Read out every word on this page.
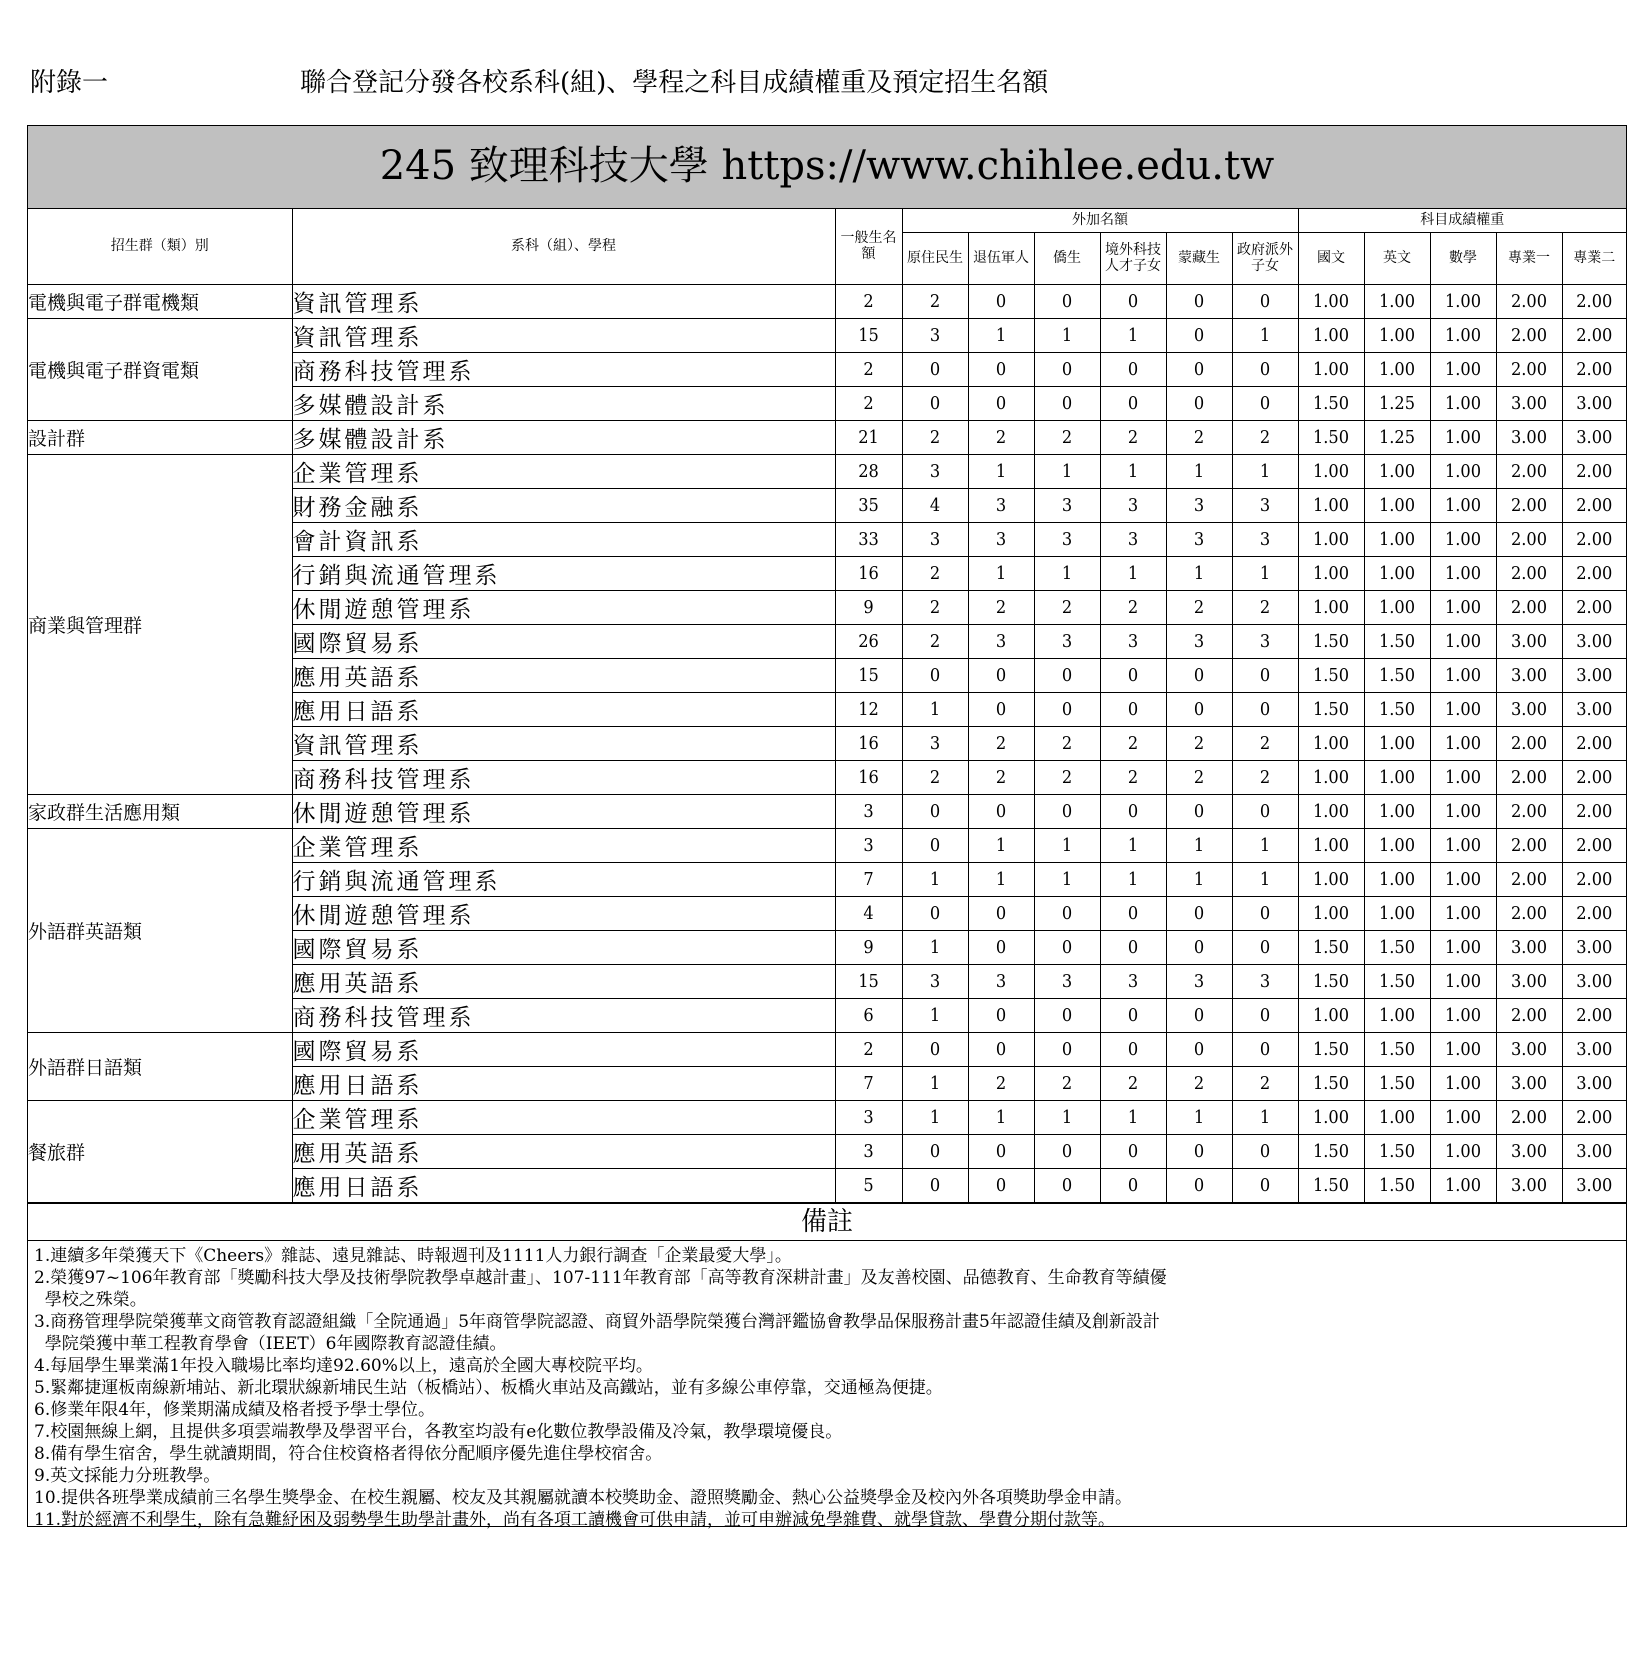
附錄一	聯合登記分發各校系科(組)、學程之科目成績權重及預定招生名額
245 致理科技大學 https://www.chihlee.edu.tw
招生群（類）別	系科（組）、學程	一般生名額	外加名額						科目成績權重				
			原住民生	退伍軍人	僑生	境外科技人才子女	蒙藏生	政府派外子女	國文	英文	數學	專業一	專業二
電機與電子群電機類	資訊管理系	2	2	0	0	0	0	0	1.00	1.00	1.00	2.00	2.00
電機與電子群資電類	資訊管理系	15	3	1	1	1	0	1	1.00	1.00	1.00	2.00	2.00
	商務科技管理系	2	0	0	0	0	0	0	1.00	1.00	1.00	2.00	2.00
	多媒體設計系	2	0	0	0	0	0	0	1.50	1.25	1.00	3.00	3.00
設計群	多媒體設計系	21	2	2	2	2	2	2	1.50	1.25	1.00	3.00	3.00
商業與管理群	企業管理系	28	3	1	1	1	1	1	1.00	1.00	1.00	2.00	2.00
	財務金融系	35	4	3	3	3	3	3	1.00	1.00	1.00	2.00	2.00
	會計資訊系	33	3	3	3	3	3	3	1.00	1.00	1.00	2.00	2.00
	行銷與流通管理系	16	2	1	1	1	1	1	1.00	1.00	1.00	2.00	2.00
	休閒遊憩管理系	9	2	2	2	2	2	2	1.00	1.00	1.00	2.00	2.00
	國際貿易系	26	2	3	3	3	3	3	1.50	1.50	1.00	3.00	3.00
	應用英語系	15	0	0	0	0	0	0	1.50	1.50	1.00	3.00	3.00
	應用日語系	12	1	0	0	0	0	0	1.50	1.50	1.00	3.00	3.00
	資訊管理系	16	3	2	2	2	2	2	1.00	1.00	1.00	2.00	2.00
	商務科技管理系	16	2	2	2	2	2	2	1.00	1.00	1.00	2.00	2.00
家政群生活應用類	休閒遊憩管理系	3	0	0	0	0	0	0	1.00	1.00	1.00	2.00	2.00
外語群英語類	企業管理系	3	0	1	1	1	1	1	1.00	1.00	1.00	2.00	2.00
	行銷與流通管理系	7	1	1	1	1	1	1	1.00	1.00	1.00	2.00	2.00
	休閒遊憩管理系	4	0	0	0	0	0	0	1.00	1.00	1.00	2.00	2.00
	國際貿易系	9	1	0	0	0	0	0	1.50	1.50	1.00	3.00	3.00
	應用英語系	15	3	3	3	3	3	3	1.50	1.50	1.00	3.00	3.00
	商務科技管理系	6	1	0	0	0	0	0	1.00	1.00	1.00	2.00	2.00
外語群日語類	國際貿易系	2	0	0	0	0	0	0	1.50	1.50	1.00	3.00	3.00
	應用日語系	7	1	2	2	2	2	2	1.50	1.50	1.00	3.00	3.00
餐旅群	企業管理系	3	1	1	1	1	1	1	1.00	1.00	1.00	2.00	2.00
	應用英語系	3	0	0	0	0	0	0	1.50	1.50	1.00	3.00	3.00
	應用日語系	5	0	0	0	0	0	0	1.50	1.50	1.00	3.00	3.00
備註
1.連續多年榮獲天下《Cheers》雜誌、遠見雜誌、時報週刊及1111人力銀行調查「企業最愛大學」。
2.榮獲97~106年教育部「獎勵科技大學及技術學院教學卓越計畫」、107-111年教育部「高等教育深耕計畫」及友善校園、品德教育、生命教育等績優
學校之殊榮。
3.商務管理學院榮獲華文商管教育認證組織「全院通過」5年商管學院認證、商貿外語學院榮獲台灣評鑑協會教學品保服務計畫5年認證佳績及創新設計
學院榮獲中華工程教育學會（IEET）6年國際教育認證佳績。
4.每屆學生畢業滿1年投入職場比率均達92.60%以上，遠高於全國大專校院平均。
5.緊鄰捷運板南線新埔站、新北環狀線新埔民生站（板橋站）、板橋火車站及高鐵站，並有多線公車停靠，交通極為便捷。
6.修業年限4年，修業期滿成績及格者授予學士學位。
7.校園無線上網，且提供多項雲端教學及學習平台，各教室均設有e化數位教學設備及冷氣，教學環境優良。
8.備有學生宿舍，學生就讀期間，符合住校資格者得依分配順序優先進住學校宿舍。
9.英文採能力分班教學。
10.提供各班學業成績前三名學生獎學金、在校生親屬、校友及其親屬就讀本校獎助金、證照獎勵金、熱心公益獎學金及校內外各項獎助學金申請。
11.對於經濟不利學生，除有急難紓困及弱勢學生助學計畫外，尚有各項工讀機會可供申請，並可申辦減免學雜費、就學貸款、學費分期付款等。
